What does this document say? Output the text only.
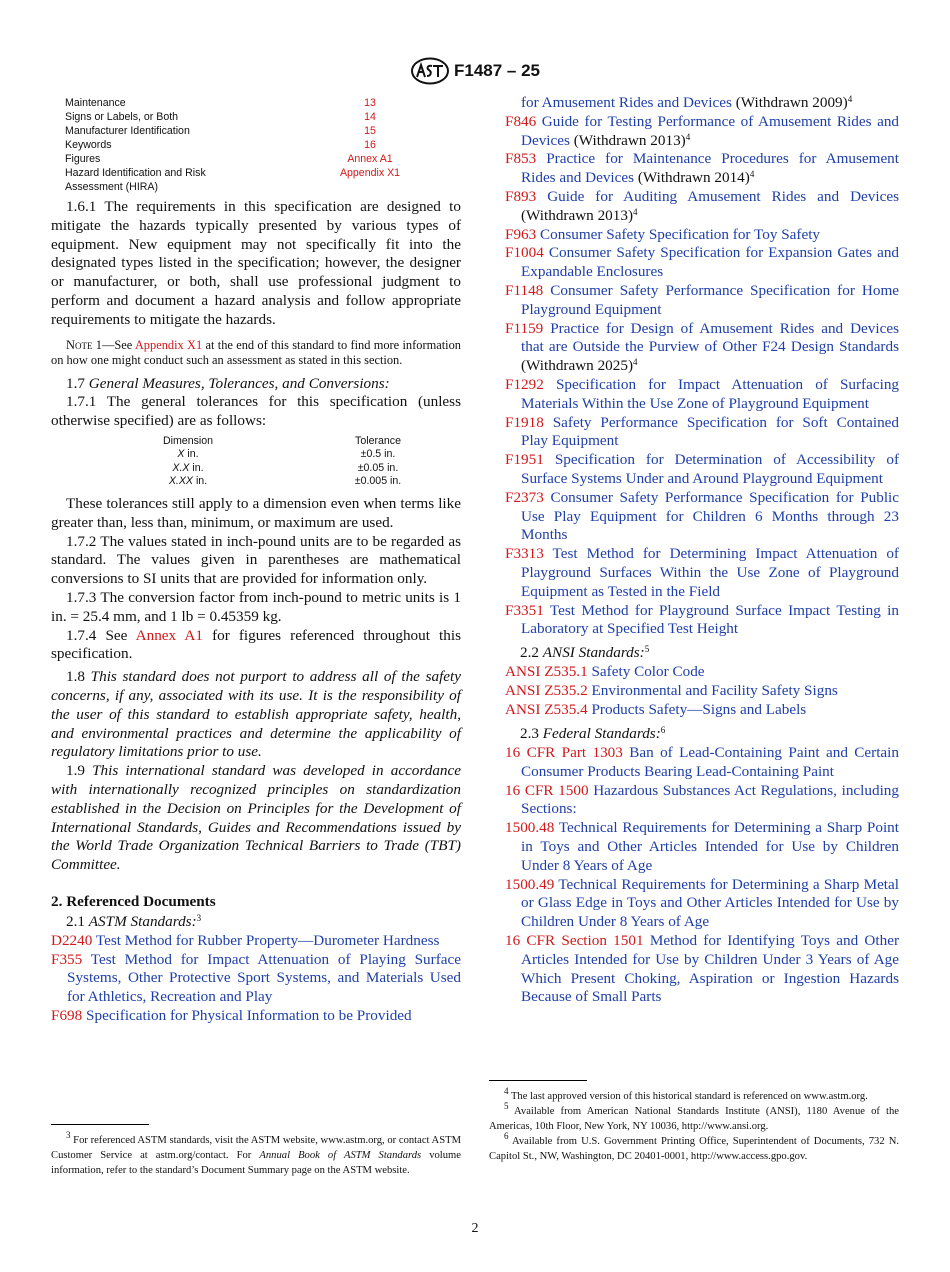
F1487 – 25
Maintenance	13
Signs or Labels, or Both	14
Manufacturer Identification	15
Keywords	16
Figures	Annex A1
Hazard Identification and Risk	Appendix X1
Assessment (HIRA)	

1.6.1 The requirements in this specification are designed to mitigate the hazards typically presented by various types of equipment. New equipment may not specifically fit into the designated types listed in the specification; however, the designer or manufacturer, or both, shall use professional judgment to perform and document a hazard analysis and follow appropriate requirements to mitigate the hazards.

Note 1—See Appendix X1 at the end of this standard to find more information on how one might conduct such an assessment as stated in this section.

1.7 General Measures, Tolerances, and Conversions:

1.7.1 The general tolerances for this specification (unless otherwise specified) are as follows:

Dimension	Tolerance
X in.	±0.5 in.
X.X in.	±0.05 in.
X.XX in.	±0.005 in.

These tolerances still apply to a dimension even when terms like greater than, less than, minimum, or maximum are used.

1.7.2 The values stated in inch-pound units are to be regarded as standard. The values given in parentheses are mathematical conversions to SI units that are provided for information only.

1.7.3 The conversion factor from inch-pound to metric units is 1 in. = 25.4 mm, and 1 lb = 0.45359 kg.

1.7.4 See Annex A1 for figures referenced throughout this specification.

1.8 This standard does not purport to address all of the safety concerns, if any, associated with its use. It is the responsibility of the user of this standard to establish appropriate safety, health, and environmental practices and determine the applicability of regulatory limitations prior to use.

1.9 This international standard was developed in accordance with internationally recognized principles on standardization established in the Decision on Principles for the Development of International Standards, Guides and Recommendations issued by the World Trade Organization Technical Barriers to Trade (TBT) Committee.

2. Referenced Documents

2.1 ASTM Standards:$^3$

D2240 Test Method for Rubber Property—Durometer Hardness

F355 Test Method for Impact Attenuation of Playing Surface Systems, Other Protective Sport Systems, and Materials Used for Athletics, Recreation and Play

F698 Specification for Physical Information to be Provided

for Amusement Rides and Devices (Withdrawn 2009)$^4$

F846 Guide for Testing Performance of Amusement Rides and Devices (Withdrawn 2013)$^4$

F853 Practice for Maintenance Procedures for Amusement Rides and Devices (Withdrawn 2014)$^4$

F893 Guide for Auditing Amusement Rides and Devices (Withdrawn 2013)$^4$

F963 Consumer Safety Specification for Toy Safety

F1004 Consumer Safety Specification for Expansion Gates and Expandable Enclosures

F1148 Consumer Safety Performance Specification for Home Playground Equipment

F1159 Practice for Design of Amusement Rides and Devices that are Outside the Purview of Other F24 Design Standards (Withdrawn 2025)$^4$

F1292 Specification for Impact Attenuation of Surfacing Materials Within the Use Zone of Playground Equipment

F1918 Safety Performance Specification for Soft Contained Play Equipment

F1951 Specification for Determination of Accessibility of Surface Systems Under and Around Playground Equipment

F2373 Consumer Safety Performance Specification for Public Use Play Equipment for Children 6 Months through 23 Months

F3313 Test Method for Determining Impact Attenuation of Playground Surfaces Within the Use Zone of Playground Equipment as Tested in the Field

F3351 Test Method for Playground Surface Impact Testing in Laboratory at Specified Test Height

2.2 ANSI Standards:$^5$

ANSI Z535.1 Safety Color Code

ANSI Z535.2 Environmental and Facility Safety Signs

ANSI Z535.4 Products Safety—Signs and Labels

2.3 Federal Standards:$^6$

16 CFR Part 1303 Ban of Lead-Containing Paint and Certain Consumer Products Bearing Lead-Containing Paint

16 CFR 1500 Hazardous Substances Act Regulations, including Sections:

1500.48 Technical Requirements for Determining a Sharp Point in Toys and Other Articles Intended for Use by Children Under 8 Years of Age

1500.49 Technical Requirements for Determining a Sharp Metal or Glass Edge in Toys and Other Articles Intended for Use by Children Under 8 Years of Age

16 CFR Section 1501 Method for Identifying Toys and Other Articles Intended for Use by Children Under 3 Years of Age Which Present Choking, Aspiration or Ingestion Hazards Because of Small Parts

$^3$ For referenced ASTM standards, visit the ASTM website, www.astm.org, or contact ASTM Customer Service at astm.org/contact. For Annual Book of ASTM Standards volume information, refer to the standard’s Document Summary page on the ASTM website.

$^4$ The last approved version of this historical standard is referenced on www.astm.org.

$^5$ Available from American National Standards Institute (ANSI), 1180 Avenue of the Americas, 10th Floor, New York, NY 10036, http://www.ansi.org.

$^6$ Available from U.S. Government Printing Office, Superintendent of Documents, 732 N. Capitol St., NW, Washington, DC 20401-0001, http://www.access.gpo.gov.

2
